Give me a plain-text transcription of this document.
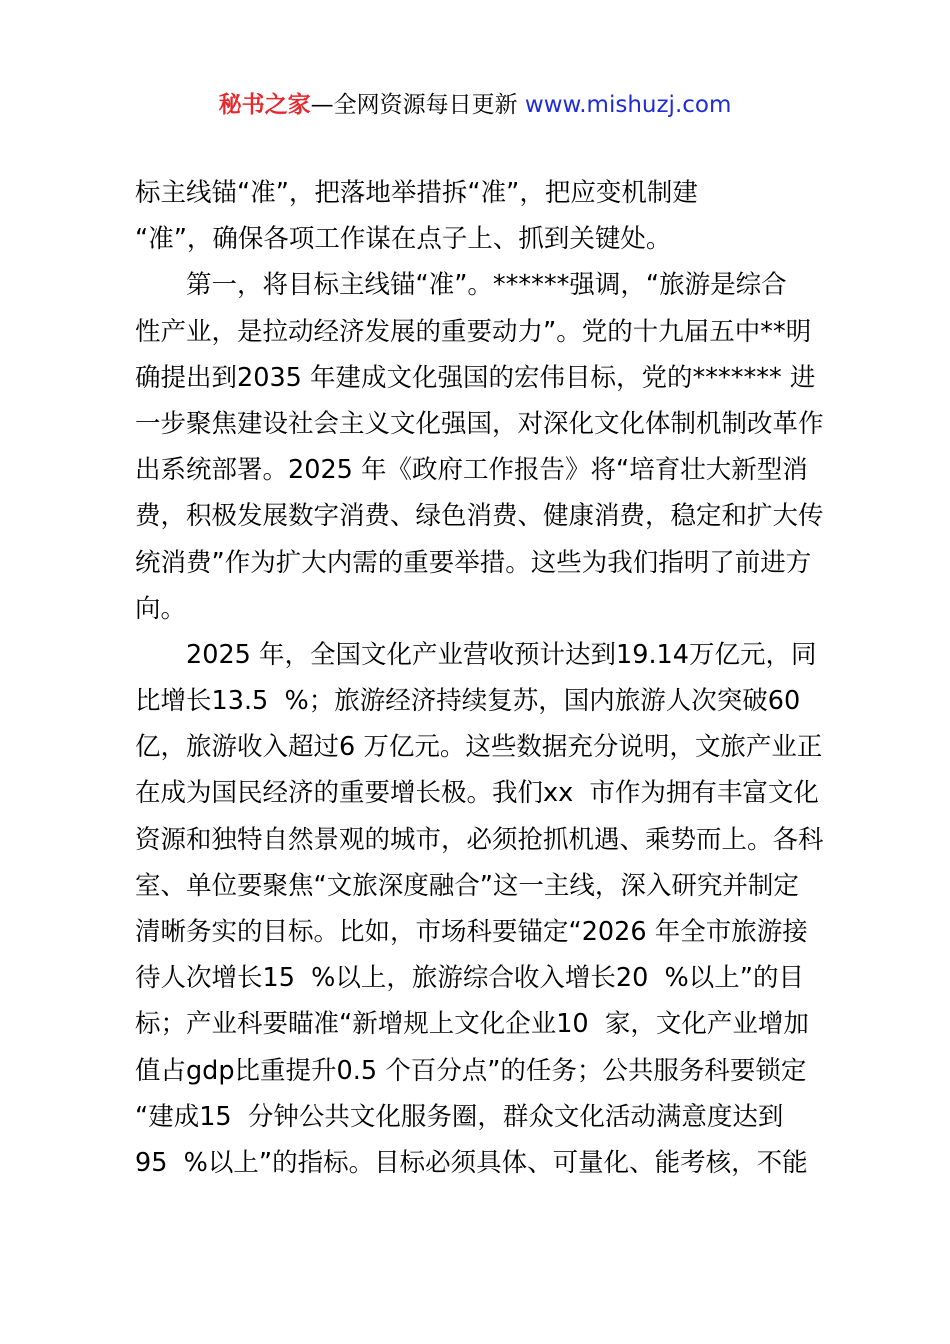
秘书之家—全网资源每日更新 www.mishuzj.com
标主线锚“准”，把落地举措拆“准”，把应变机制建
“准”，确保各项工作谋在点子上、抓到关键处。
第一，将目标主线锚“准”。******强调，“旅游是综合
性产业，是拉动经济发展的重要动力”。党的十九届五中**明
确提出到2035 年建成文化强国的宏伟目标，党的******* 进
一步聚焦建设社会主义文化强国，对深化文化体制机制改革作
出系统部署。2025 年《政府工作报告》将“培育壮大新型消
费，积极发展数字消费、绿色消费、健康消费，稳定和扩大传
统消费”作为扩大内需的重要举措。这些为我们指明了前进方
向。
2025 年，全国文化产业营收预计达到19.14万亿元，同
比增长13.5  %；旅游经济持续复苏，国内旅游人次突破60
亿，旅游收入超过6 万亿元。这些数据充分说明，文旅产业正
在成为国民经济的重要增长极。我们xx  市作为拥有丰富文化
资源和独特自然景观的城市，必须抢抓机遇、乘势而上。各科
室、单位要聚焦“文旅深度融合”这一主线，深入研究并制定
清晰务实的目标。比如，市场科要锚定“2026 年全市旅游接
待人次增长15  %以上，旅游综合收入增长20  %以上”的目
标；产业科要瞄准“新增规上文化企业10  家，文化产业增加
值占gdp比重提升0.5 个百分点”的任务；公共服务科要锁定
“建成15  分钟公共文化服务圈，群众文化活动满意度达到
95  %以上”的指标。目标必须具体、可量化、能考核，不能
